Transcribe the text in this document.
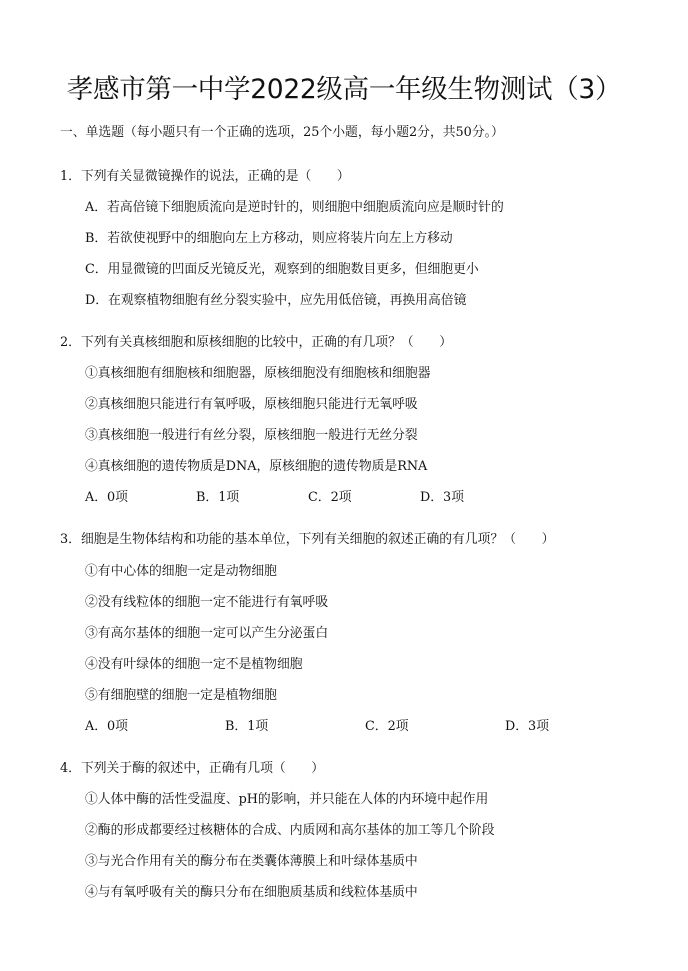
孝感市第一中学2022级高一年级生物测试（3）
一、单选题（每小题只有一个正确的选项，25个小题，每小题2分，共50分。）
1．下列有关显微镜操作的说法，正确的是（　　）
A．若高倍镜下细胞质流向是逆时针的，则细胞中细胞质流向应是顺时针的
B．若欲使视野中的细胞向左上方移动，则应将装片向左上方移动
C．用显微镜的凹面反光镜反光，观察到的细胞数目更多，但细胞更小
D．在观察植物细胞有丝分裂实验中，应先用低倍镜，再换用高倍镜
2．下列有关真核细胞和原核细胞的比较中，正确的有几项？（　　）
①真核细胞有细胞核和细胞器，原核细胞没有细胞核和细胞器
②真核细胞只能进行有氧呼吸，原核细胞只能进行无氧呼吸
③真核细胞一般进行有丝分裂，原核细胞一般进行无丝分裂
④真核细胞的遗传物质是DNA，原核细胞的遗传物质是RNA
A．0项	B．1项	C．2项	D．3项
3．细胞是生物体结构和功能的基本单位，下列有关细胞的叙述正确的有几项？（　　）
①有中心体的细胞一定是动物细胞
②没有线粒体的细胞一定不能进行有氧呼吸
③有高尔基体的细胞一定可以产生分泌蛋白
④没有叶绿体的细胞一定不是植物细胞
⑤有细胞壁的细胞一定是植物细胞
A．0项	B．1项	C．2项	D．3项
4．下列关于酶的叙述中，正确有几项（　　）
①人体中酶的活性受温度、pH的影响，并只能在人体的内环境中起作用
②酶的形成都要经过核糖体的合成、内质网和高尔基体的加工等几个阶段
③与光合作用有关的酶分布在类囊体薄膜上和叶绿体基质中
④与有氧呼吸有关的酶只分布在细胞质基质和线粒体基质中
